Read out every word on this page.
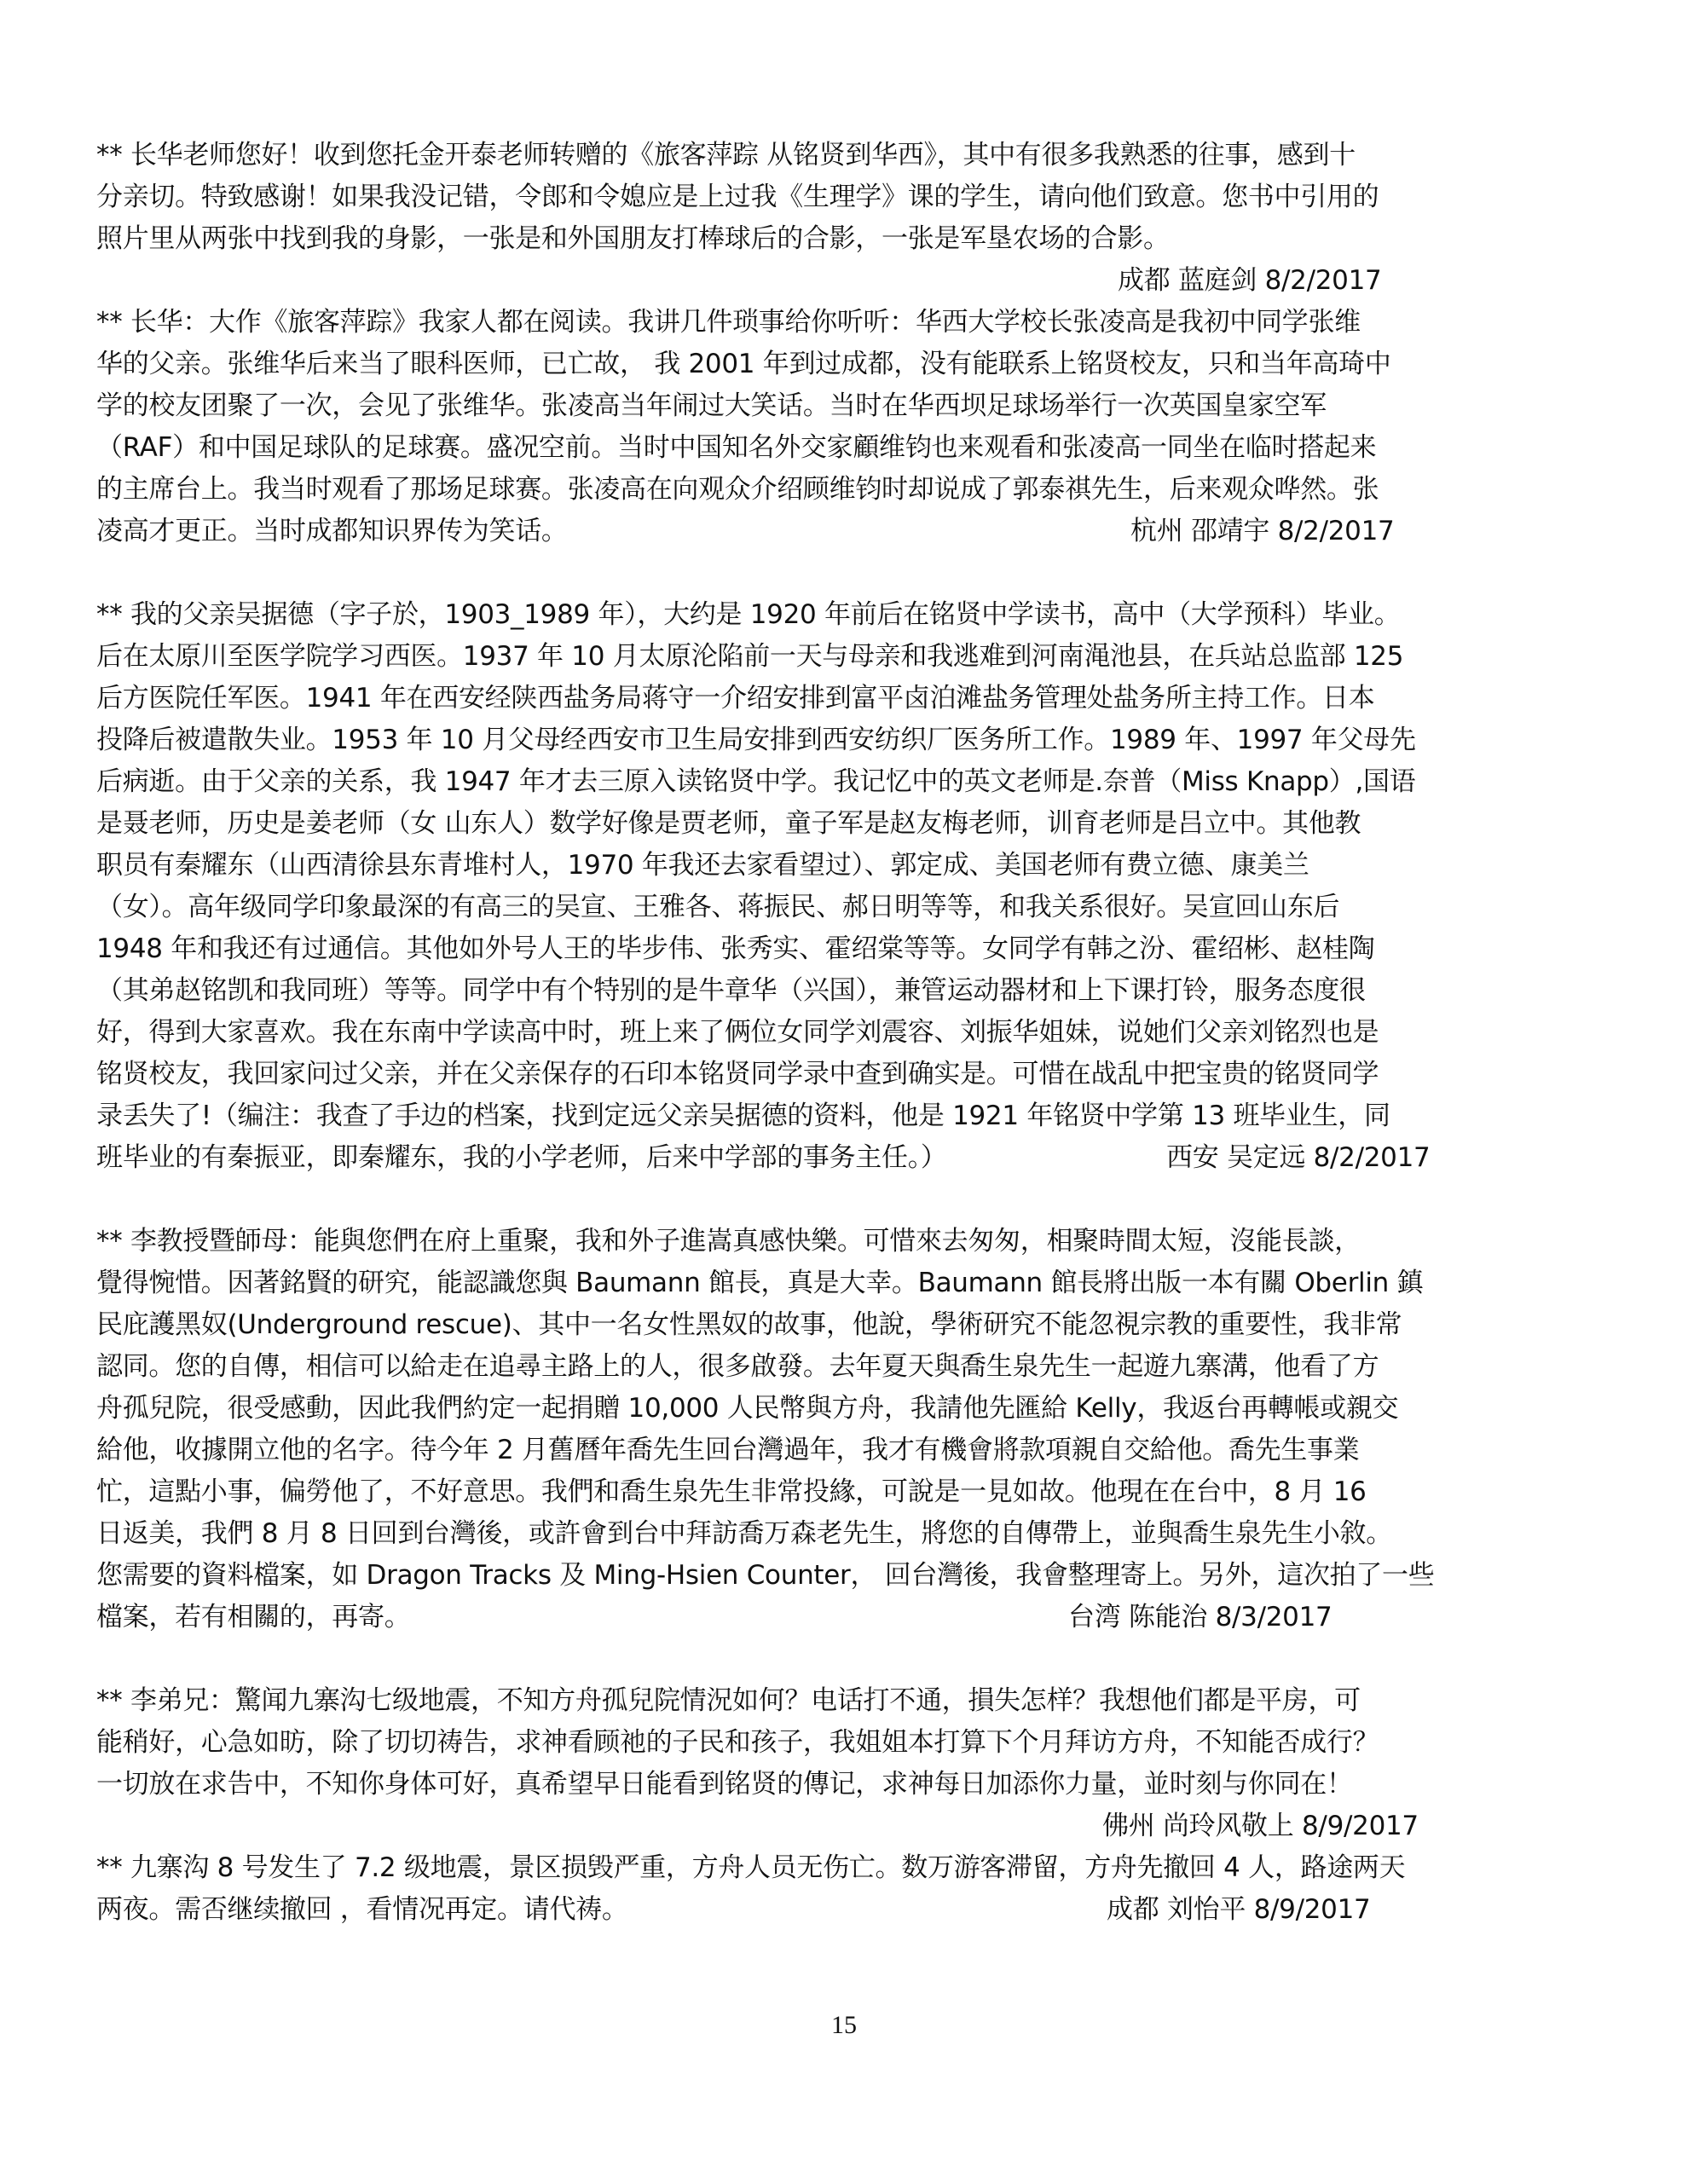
** 长华老师您好！收到您托金开泰老师转赠的《旅客萍踪 从铭贤到华西》，其中有很多我熟悉的往事，感到十
分亲切。特致感谢！如果我没记错，令郎和令媳应是上过我《生理学》课的学生，请向他们致意。您书中引用的
照片里从两张中找到我的身影，一张是和外国朋友打棒球后的合影，一张是军垦农场的合影。
成都 蓝庭剑 8/2/2017
** 长华：大作《旅客萍踪》我家人都在阅读。我讲几件琐事给你听听：华西大学校长张凌高是我初中同学张维
华的父亲。张维华后来当了眼科医师，已亡故， 我 2001 年到过成都，没有能联系上铭贤校友，只和当年高琦中
学的校友团聚了一次，会见了张维华。张凌高当年闹过大笑话。当时在华西坝足球场举行一次英国皇家空军
（RAF）和中国足球队的足球赛。盛况空前。当时中国知名外交家顧维钧也来观看和张凌高一同坐在临时搭起来
的主席台上。我当时观看了那场足球赛。张凌高在向观众介绍顾维钧时却说成了郭泰祺先生，后来观众哗然。张
凌高才更正。当时成都知识界传为笑话。	杭州 邵靖宇 8/2/2017
** 我的父亲吴据德（字子於，1903_1989 年），大约是 1920 年前后在铭贤中学读书，高中（大学预科）毕业。
后在太原川至医学院学习西医。1937 年 10 月太原沦陷前一天与母亲和我逃难到河南渑池县，在兵站总监部 125
后方医院任军医。1941 年在西安经陕西盐务局蒋守一介绍安排到富平卤泊滩盐务管理处盐务所主持工作。日本
投降后被遣散失业。1953 年 10 月父母经西安市卫生局安排到西安纺织厂医务所工作。1989 年、1997 年父母先
后病逝。由于父亲的关系，我 1947 年才去三原入读铭贤中学。我记忆中的英文老师是.奈普（Miss Knapp）,国语
是聂老师，历史是姜老师（女 山东人）数学好像是贾老师，童子军是赵友梅老师，训育老师是吕立中。其他教
职员有秦耀东（山西清徐县东青堆村人，1970 年我还去家看望过）、郭定成、美国老师有费立德、康美兰
（女）。高年级同学印象最深的有高三的吴宣、王雅各、蒋振民、郝日明等等，和我关系很好。吴宣回山东后
1948 年和我还有过通信。其他如外号人王的毕步伟、张秀实、霍绍棠等等。女同学有韩之汾、霍绍彬、赵桂陶
（其弟赵铭凯和我同班）等等。同学中有个特别的是牛章华（兴国），兼管运动器材和上下课打铃，服务态度很
好，得到大家喜欢。我在东南中学读高中时，班上来了俩位女同学刘震容、刘振华姐妹，说她们父亲刘铭烈也是
铭贤校友，我回家问过父亲，并在父亲保存的石印本铭贤同学录中查到确实是。可惜在战乱中把宝贵的铭贤同学
录丢失了!（编注：我查了手边的档案，找到定远父亲吴据德的资料，他是 1921 年铭贤中学第 13 班毕业生，同
班毕业的有秦振亚，即秦耀东，我的小学老师，后来中学部的事务主任。）	西安 吴定远 8/2/2017
** 李教授暨師母：能與您們在府上重聚，我和外子進嵩真感快樂。可惜來去匆匆，相聚時間太短，沒能長談，
覺得惋惜。因著銘賢的研究，能認識您與 Baumann 館長，真是大幸。Baumann 館長將出版一本有關 Oberlin 鎮
民庇護黑奴(Underground rescue)、其中一名女性黑奴的故事，他說，學術研究不能忽視宗教的重要性，我非常
認同。您的自傳，相信可以給走在追尋主路上的人，很多啟發。去年夏天與喬生泉先生一起遊九寨溝，他看了方
舟孤兒院，很受感動，因此我們約定一起捐贈 10,000 人民幣與方舟，我請他先匯給 Kelly，我返台再轉帳或親交
給他，收據開立他的名字。待今年 2 月舊曆年喬先生回台灣過年，我才有機會將款項親自交給他。喬先生事業
忙，這點小事，偏勞他了，不好意思。我們和喬生泉先生非常投緣，可說是一見如故。他現在在台中，8 月 16
日返美，我們 8 月 8 日回到台灣後，或許會到台中拜訪喬万森老先生，將您的自傳帶上，並與喬生泉先生小敘。
您需要的資料檔案，如 Dragon Tracks 及 Ming-Hsien Counter， 回台灣後，我會整理寄上。另外，這次拍了一些
檔案，若有相關的，再寄。	台湾 陈能治 8/3/2017
** 李弟兄：驚闻九寨沟七级地震，不知方舟孤兒院情況如何？电话打不通，損失怎样？我想他们都是平房，可
能稍好，心急如昉，除了切切祷告，求神看顾祂的子民和孩子，我姐姐本打算下个月拜访方舟，不知能否成行？
一切放在求告中，不知你身体可好，真希望早日能看到铭贤的傳记，求神每日加添你力量，並时刻与你同在！
佛州 尚玲风敬上 8/9/2017
** 九寨沟 8 号发生了 7.2 级地震，景区损毁严重，方舟人员无伤亡。数万游客滞留，方舟先撤回 4 人，路途两天
两夜。需否继续撤回 ，看情况再定。请代祷。	成都 刘怡平 8/9/2017
15
